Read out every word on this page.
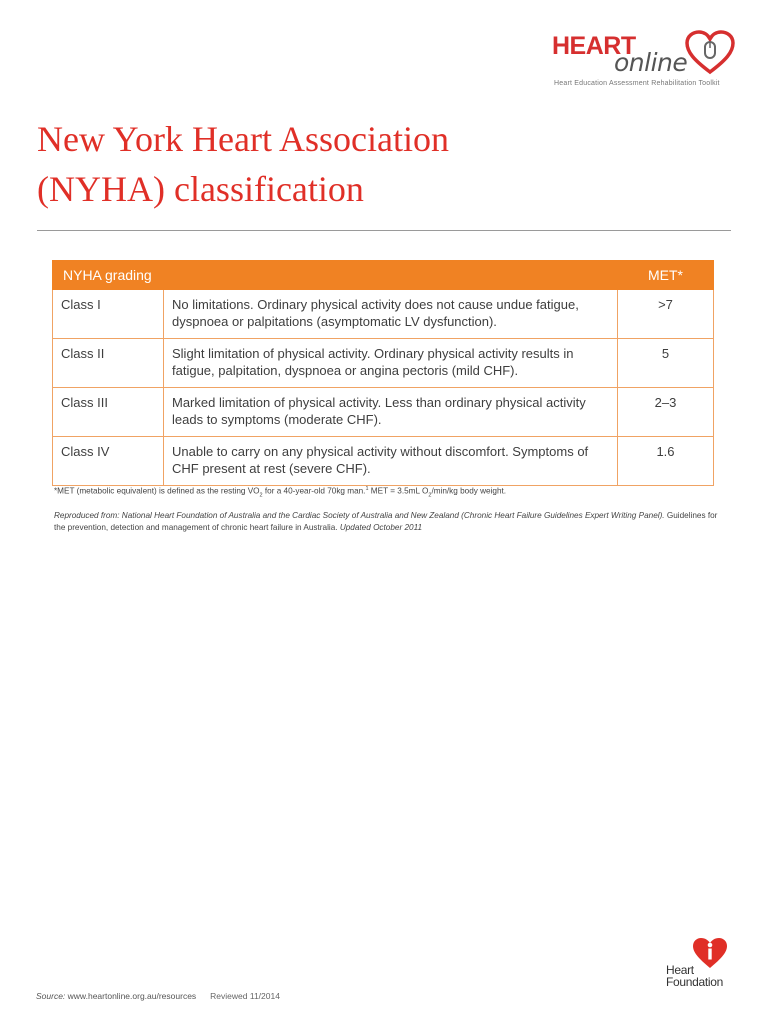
HEART
online
Heart Education Assessment Rehabilitation Toolkit
New York Heart Association
(NYHA) classification
NYHA grading		MET*
Class I	No limitations. Ordinary physical activity does not cause undue fatigue, dyspnoea or palpitations (asymptomatic LV dysfunction).	>7
Class II	Slight limitation of physical activity. Ordinary physical activity results in fatigue, palpitation, dyspnoea or angina pectoris (mild CHF).	5
Class III	Marked limitation of physical activity. Less than ordinary physical activity leads to symptoms (moderate CHF).	2–3
Class IV	Unable to carry on any physical activity without discomfort. Symptoms of CHF present at rest (severe CHF).	1.6
*MET (metabolic equivalent) is defined as the resting $VO_2$ for a 40-year-old 70kg man.$^1$ MET = 3.5mL $O_2/\min/kg$ body weight.
Reproduced from: National Heart Foundation of Australia and the Cardiac Society of Australia and New Zealand (Chronic Heart Failure Guidelines Expert Writing Panel). Guidelines for the prevention, detection and management of chronic heart failure in Australia. Updated October 2011
Heart
Foundation
Source: www.heartonline.org.au/resources Reviewed 11/2014
